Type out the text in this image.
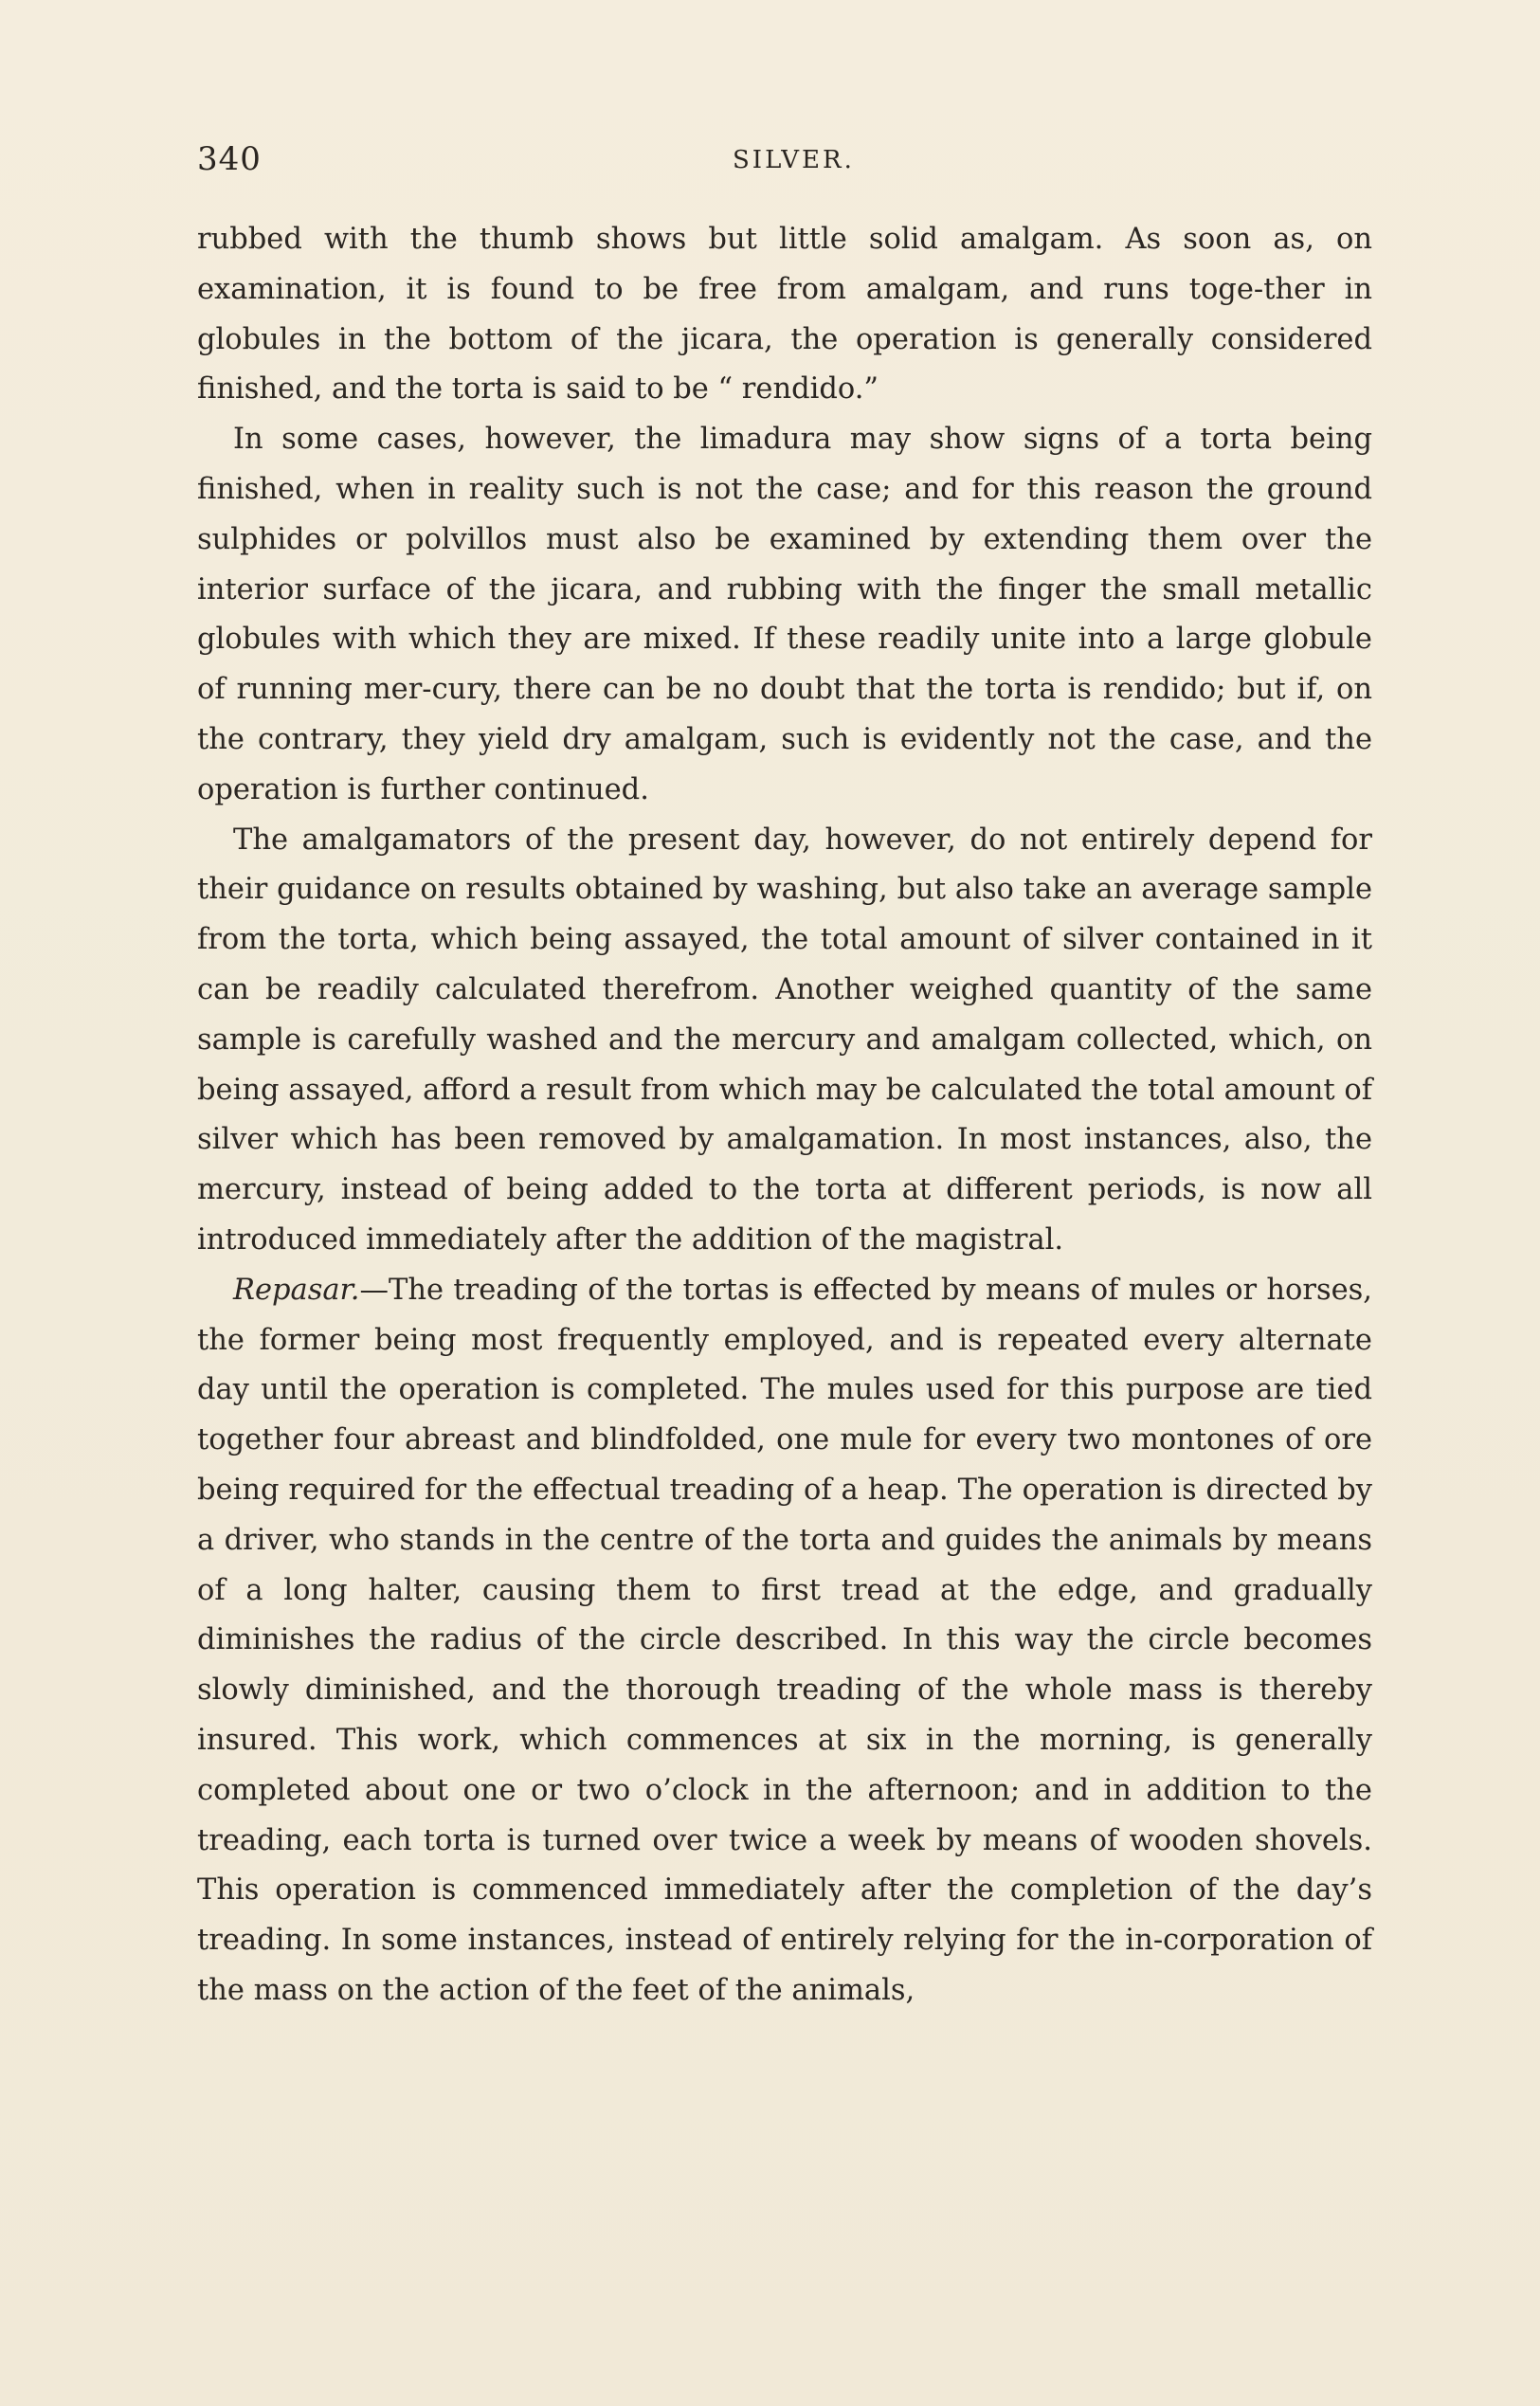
340	SILVER.

rubbed with the thumb shows but little solid amalgam. As soon as, on examination, it is found to be free from amalgam, and runs toge-ther in globules in the bottom of the jicara, the operation is generally considered finished, and the torta is said to be “ rendido.”

In some cases, however, the limadura may show signs of a torta being finished, when in reality such is not the case; and for this reason the ground sulphides or polvillos must also be examined by extending them over the interior surface of the jicara, and rubbing with the finger the small metallic globules with which they are mixed. If these readily unite into a large globule of running mer-cury, there can be no doubt that the torta is rendido; but if, on the contrary, they yield dry amalgam, such is evidently not the case, and the operation is further continued.

The amalgamators of the present day, however, do not entirely depend for their guidance on results obtained by washing, but also take an average sample from the torta, which being assayed, the total amount of silver contained in it can be readily calculated therefrom. Another weighed quantity of the same sample is carefully washed and the mercury and amalgam collected, which, on being assayed, afford a result from which may be calculated the total amount of silver which has been removed by amalgamation. In most instances, also, the mercury, instead of being added to the torta at different periods, is now all introduced immediately after the addition of the magistral.

Repasar.—The treading of the tortas is effected by means of mules or horses, the former being most frequently employed, and is repeated every alternate day until the operation is completed. The mules used for this purpose are tied together four abreast and blindfolded, one mule for every two montones of ore being required for the effectual treading of a heap. The operation is directed by a driver, who stands in the centre of the torta and guides the animals by means of a long halter, causing them to first tread at the edge, and gradually diminishes the radius of the circle described. In this way the circle becomes slowly diminished, and the thorough treading of the whole mass is thereby insured. This work, which commences at six in the morning, is generally completed about one or two o’clock in the afternoon; and in addition to the treading, each torta is turned over twice a week by means of wooden shovels. This operation is commenced immediately after the completion of the day’s treading. In some instances, instead of entirely relying for the in-corporation of the mass on the action of the feet of the animals,
